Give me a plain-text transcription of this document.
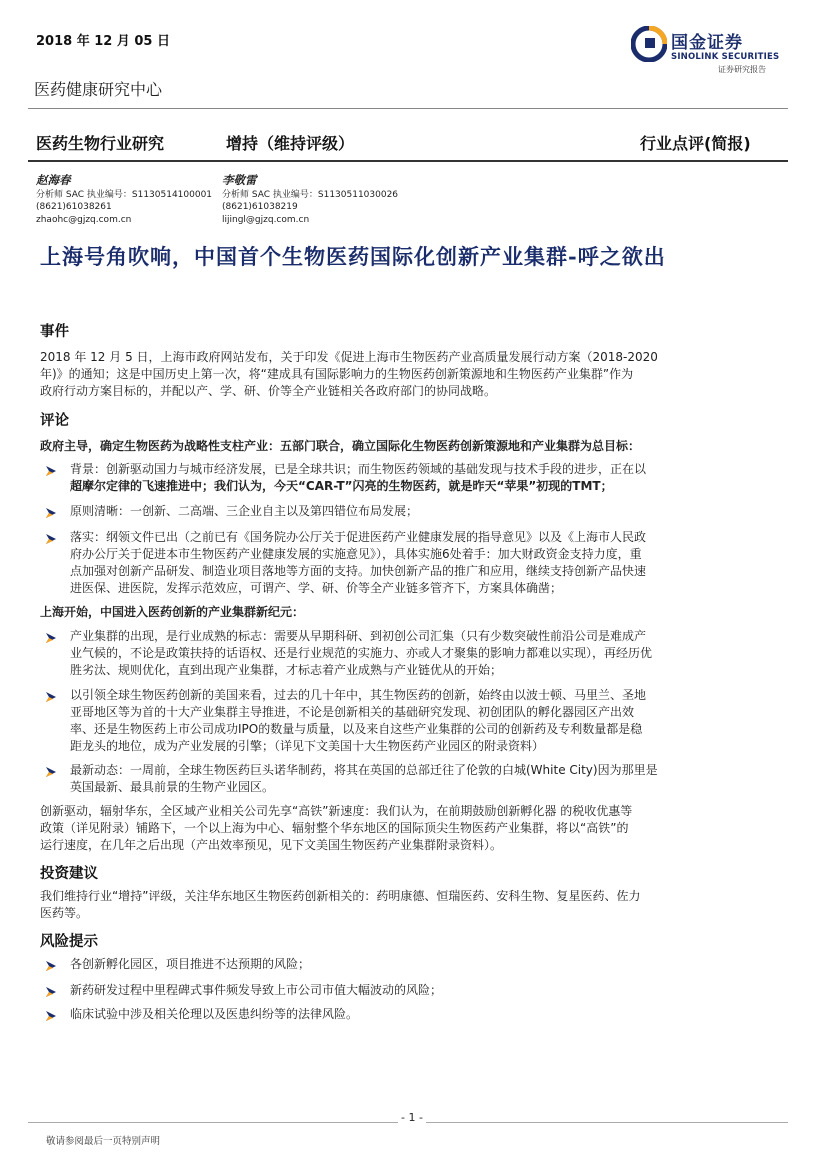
2018 年 12 月 05 日
医药健康研究中心
国金证券
SINOLINK SECURITIES
证券研究报告
医药生物行业研究	增持（维持评级）	行业点评(简报)
赵海春
分析师 SAC 执业编号：S1130514100001
(8621)61038261
zhaohc@gjzq.com.cn
李敬雷
分析师 SAC 执业编号：S1130511030026
(8621)61038219
lijingl@gjzq.com.cn
上海号角吹响，中国首个生物医药国际化创新产业集群-呼之欲出
事件
2018 年 12 月 5 日，上海市政府网站发布，关于印发《促进上海市生物医药产业高质量发展行动方案（2018-2020
年)》的通知；这是中国历史上第一次，将“建成具有国际影响力的生物医药创新策源地和生物医药产业集群”作为
政府行动方案目标的，并配以产、学、研、价等全产业链相关各政府部门的协同战略。
评论
政府主导，确定生物医药为战略性支柱产业：五部门联合，确立国际化生物医药创新策源地和产业集群为总目标：
背景：创新驱动国力与城市经济发展，已是全球共识；而生物医药领域的基础发现与技术手段的进步，正在以
超摩尔定律的飞速推进中；我们认为，今天“CAR-T”闪亮的生物医药，就是昨天“苹果”初现的TMT；
原则清晰：一创新、二高端、三企业自主以及第四错位布局发展；
落实：纲领文件已出（之前已有《国务院办公厅关于促进医药产业健康发展的指导意见》以及《上海市人民政
府办公厅关于促进本市生物医药产业健康发展的实施意见》），具体实施6处着手：加大财政资金支持力度，重
点加强对创新产品研发、制造业项目落地等方面的支持。加快创新产品的推广和应用，继续支持创新产品快速
进医保、进医院，发挥示范效应，可谓产、学、研、价等全产业链多管齐下，方案具体确凿；
上海开始，中国进入医药创新的产业集群新纪元：
产业集群的出现，是行业成熟的标志：需要从早期科研、到初创公司汇集（只有少数突破性前沿公司是难成产
业气候的，不论是政策扶持的话语权、还是行业规范的实施力、亦或人才聚集的影响力都难以实现），再经历优
胜劣汰、规则优化，直到出现产业集群，才标志着产业成熟与产业链优从的开始；
以引领全球生物医药创新的美国来看，过去的几十年中，其生物医药的创新，始终由以波士顿、马里兰、圣地
亚哥地区等为首的十大产业集群主导推进，不论是创新相关的基础研究发现、初创团队的孵化器园区产出效
率、还是生物医药上市公司成功IPO的数量与质量，以及来自这些产业集群的公司的创新药及专利数量都是稳
距龙头的地位，成为产业发展的引擎；（详见下文美国十大生物医药产业园区的附录资料）
最新动态：一周前，全球生物医药巨头诺华制药，将其在英国的总部迁往了伦敦的白城(White City)因为那里是
英国最新、最具前景的生物产业园区。
创新驱动，辐射华东，全区域产业相关公司先享“高铁”新速度：我们认为，在前期鼓励创新孵化器 的税收优惠等
政策（详见附录）铺路下，一个以上海为中心、辐射整个华东地区的国际顶尖生物医药产业集群，将以“高铁”的
运行速度，在几年之后出现（产出效率预见，见下文美国生物医药产业集群附录资料）。
投资建议
我们维持行业“增持”评级，关注华东地区生物医药创新相关的：药明康德、恒瑞医药、安科生物、复星医药、佐力
医药等。
风险提示
各创新孵化园区，项目推进不达预期的风险；
新药研发过程中里程碑式事件频发导致上市公司市值大幅波动的风险；
临床试验中涉及相关伦理以及医患纠纷等的法律风险。
- 1 -
敬请参阅最后一页特别声明
